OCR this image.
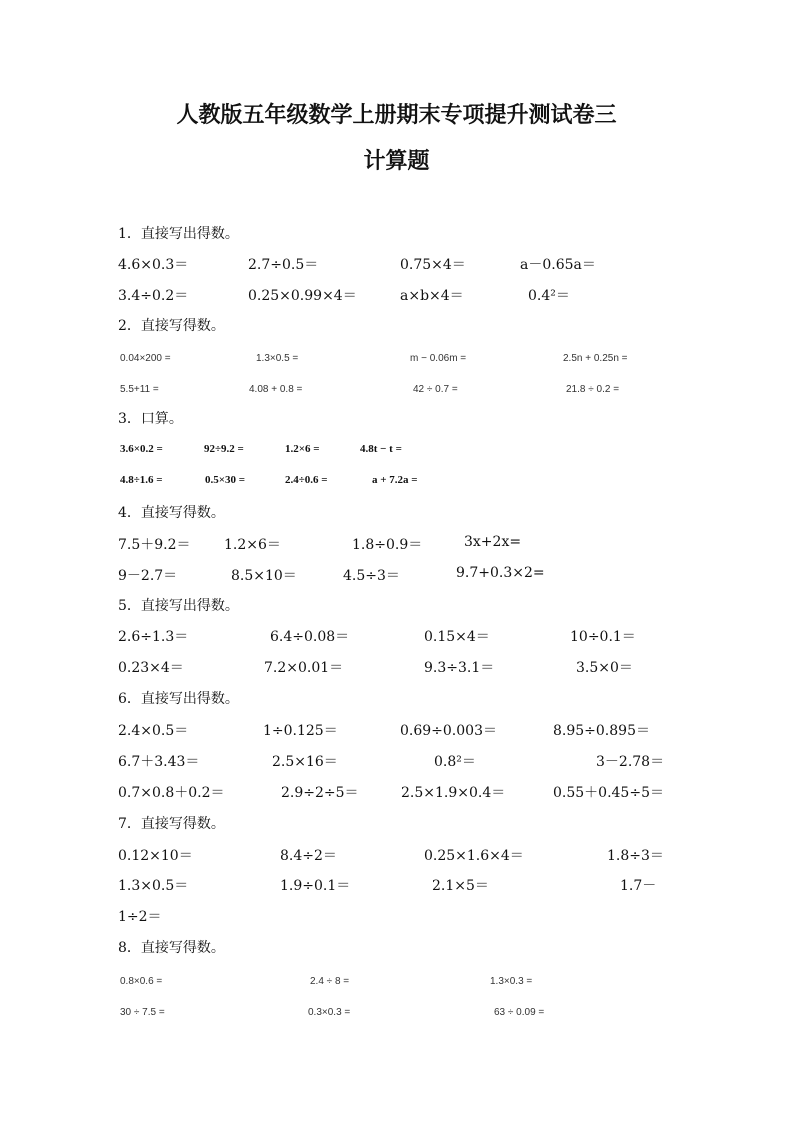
人教版五年级数学上册期末专项提升测试卷三
计算题
1．直接写出得数。
4.6×0.3＝	2.7÷0.5＝	0.75×4＝	a－0.65a＝
3.4÷0.2＝	0.25×0.99×4＝	a×b×4＝	0.4²＝
2．直接写得数。
0.04×200 =	1.3×0.5 =	m − 0.06m =	2.5n + 0.25n =
5.5+11 =	4.08 + 0.8 =	42 ÷ 0.7 =	21.8 ÷ 0.2 =
3．口算。
3.6×0.2 =	92÷9.2 =	1.2×6 =	4.8t − t =
4.8÷1.6 =	0.5×30 =	2.4÷0.6 =	a + 7.2a =
4．直接写得数。
7.5＋9.2＝ 1.2×6＝	1.8÷0.9＝	3x+2x=
9－2.7＝	8.5×10＝	4.5÷3＝	9.7+0.3×2=
5．直接写出得数。
2.6÷1.3＝	6.4÷0.08＝	0.15×4＝	10÷0.1＝
0.23×4＝	7.2×0.01＝	9.3÷3.1＝	3.5×0＝
6．直接写出得数。
2.4×0.5＝	1÷0.125＝	0.69÷0.003＝	8.95÷0.895＝
6.7＋3.43＝	2.5×16＝	0.8²＝	3－2.78＝
0.7×0.8＋0.2＝	2.9÷2÷5＝	2.5×1.9×0.4＝	0.55＋0.45÷5＝
7．直接写得数。
0.12×10＝	8.4÷2＝	0.25×1.6×4＝	1.8÷3＝
1.3×0.5＝	1.9÷0.1＝	2.1×5＝	1.7－
1÷2＝
8．直接写得数。
0.8×0.6 =	2.4 ÷ 8 =	1.3×0.3 =
30 ÷ 7.5 =	0.3×0.3 =	63 ÷ 0.09 =
